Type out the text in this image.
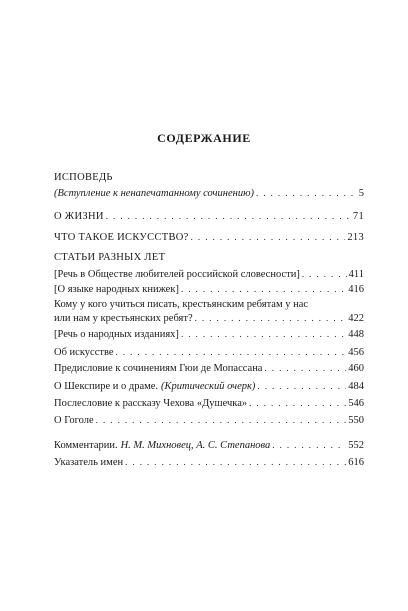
СОДЕРЖАНИЕ
ИСПОВЕДЬ
(Вступление к ненапечатанному сочинению) . . .	5
О ЖИЗНИ . . .	71
ЧТО ТАКОЕ ИСКУССТВО? . . .	213
СТАТЬИ РАЗНЫХ ЛЕТ
[Речь в Обществе любителей российской словесности] . . .	411
[О языке народных книжек] . . .	416
Кому у кого учиться писать, крестьянским ребятам у нас
или нам у крестьянских ребят? . . .	422
[Речь о народных изданиях] . . .	448
Об искусстве . . .	456
Предисловие к сочинениям Гюи де Мопассана . . .	460
О Шекспире и о драме. (Критический очерк) . . .	484
Послесловие к рассказу Чехова «Душечка» . . .	546
О Гоголе . . .	550
Комментарии. Н. М. Михновец, А. С. Степанова . . .	552
Указатель имен . . .	616
